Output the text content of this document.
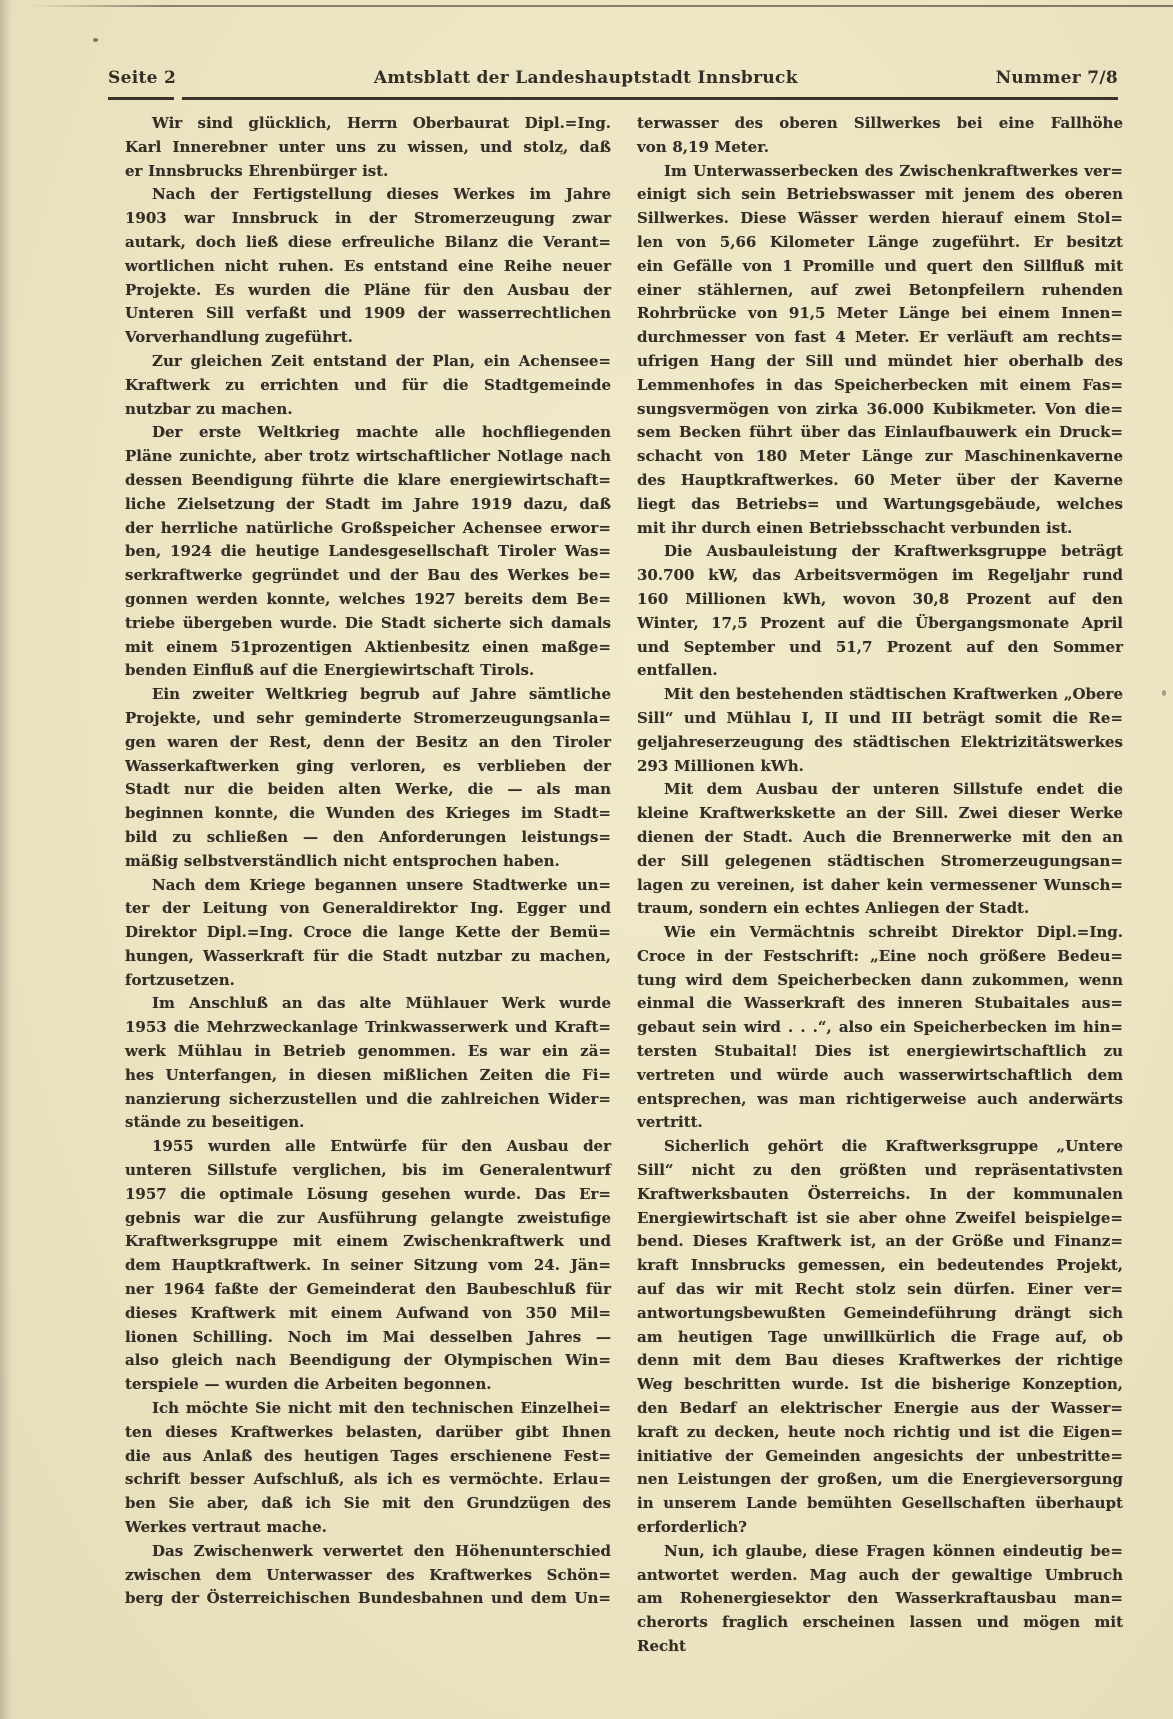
Seite 2	Amtsblatt der Landeshauptstadt Innsbruck	Nummer 7/8
Wir sind glücklich, Herrn Oberbaurat Dipl.=Ing.
Karl Innerebner unter uns zu wissen, und stolz, daß
er Innsbrucks Ehrenbürger ist.
Nach der Fertigstellung dieses Werkes im Jahre
1903 war Innsbruck in der Stromerzeugung zwar
autark, doch ließ diese erfreuliche Bilanz die Verant=
wortlichen nicht ruhen. Es entstand eine Reihe neuer
Projekte. Es wurden die Pläne für den Ausbau der
Unteren Sill verfaßt und 1909 der wasserrechtlichen
Vorverhandlung zugeführt.
Zur gleichen Zeit entstand der Plan, ein Achensee=
Kraftwerk zu errichten und für die Stadtgemeinde
nutzbar zu machen.
Der erste Weltkrieg machte alle hochfliegenden
Pläne zunichte, aber trotz wirtschaftlicher Notlage nach
dessen Beendigung führte die klare energiewirtschaft=
liche Zielsetzung der Stadt im Jahre 1919 dazu, daß
der herrliche natürliche Großspeicher Achensee erwor=
ben, 1924 die heutige Landesgesellschaft Tiroler Was=
serkraftwerke gegründet und der Bau des Werkes be=
gonnen werden konnte, welches 1927 bereits dem Be=
triebe übergeben wurde. Die Stadt sicherte sich damals
mit einem 51prozentigen Aktienbesitz einen maßge=
benden Einfluß auf die Energiewirtschaft Tirols.
Ein zweiter Weltkrieg begrub auf Jahre sämtliche
Projekte, und sehr geminderte Stromerzeugungsanla=
gen waren der Rest, denn der Besitz an den Tiroler
Wasserkaftwerken ging verloren, es verblieben der
Stadt nur die beiden alten Werke, die — als man
beginnen konnte, die Wunden des Krieges im Stadt=
bild zu schließen — den Anforderungen leistungs=
mäßig selbstverständlich nicht entsprochen haben.
Nach dem Kriege begannen unsere Stadtwerke un=
ter der Leitung von Generaldirektor Ing. Egger und
Direktor Dipl.=Ing. Croce die lange Kette der Bemü=
hungen, Wasserkraft für die Stadt nutzbar zu machen,
fortzusetzen.
Im Anschluß an das alte Mühlauer Werk wurde
1953 die Mehrzweckanlage Trinkwasserwerk und Kraft=
werk Mühlau in Betrieb genommen. Es war ein zä=
hes Unterfangen, in diesen mißlichen Zeiten die Fi=
nanzierung sicherzustellen und die zahlreichen Wider=
stände zu beseitigen.
1955 wurden alle Entwürfe für den Ausbau der
unteren Sillstufe verglichen, bis im Generalentwurf
1957 die optimale Lösung gesehen wurde. Das Er=
gebnis war die zur Ausführung gelangte zweistufige
Kraftwerksgruppe mit einem Zwischenkraftwerk und
dem Hauptkraftwerk. In seiner Sitzung vom 24. Jän=
ner 1964 faßte der Gemeinderat den Baubeschluß für
dieses Kraftwerk mit einem Aufwand von 350 Mil=
lionen Schilling. Noch im Mai desselben Jahres —
also gleich nach Beendigung der Olympischen Win=
terspiele — wurden die Arbeiten begonnen.
Ich möchte Sie nicht mit den technischen Einzelhei=
ten dieses Kraftwerkes belasten, darüber gibt Ihnen
die aus Anlaß des heutigen Tages erschienene Fest=
schrift besser Aufschluß, als ich es vermöchte. Erlau=
ben Sie aber, daß ich Sie mit den Grundzügen des
Werkes vertraut mache.
Das Zwischenwerk verwertet den Höhenunterschied
zwischen dem Unterwasser des Kraftwerkes Schön=
berg der Österreichischen Bundesbahnen und dem Un=
terwasser des oberen Sillwerkes bei eine Fallhöhe
von 8,19 Meter.
Im Unterwasserbecken des Zwischenkraftwerkes ver=
einigt sich sein Betriebswasser mit jenem des oberen
Sillwerkes. Diese Wässer werden hierauf einem Stol=
len von 5,66 Kilometer Länge zugeführt. Er besitzt
ein Gefälle von 1 Promille und quert den Sillfluß mit
einer stählernen, auf zwei Betonpfeilern ruhenden
Rohrbrücke von 91,5 Meter Länge bei einem Innen=
durchmesser von fast 4 Meter. Er verläuft am rechts=
ufrigen Hang der Sill und mündet hier oberhalb des
Lemmenhofes in das Speicherbecken mit einem Fas=
sungsvermögen von zirka 36.000 Kubikmeter. Von die=
sem Becken führt über das Einlaufbauwerk ein Druck=
schacht von 180 Meter Länge zur Maschinenkaverne
des Hauptkraftwerkes. 60 Meter über der Kaverne
liegt das Betriebs= und Wartungsgebäude, welches
mit ihr durch einen Betriebsschacht verbunden ist.
Die Ausbauleistung der Kraftwerksgruppe beträgt
30.700 kW, das Arbeitsvermögen im Regeljahr rund
160 Millionen kWh, wovon 30,8 Prozent auf den
Winter, 17,5 Prozent auf die Übergangsmonate April
und September und 51,7 Prozent auf den Sommer
entfallen.
Mit den bestehenden städtischen Kraftwerken „Obere
Sill“ und Mühlau I, II und III beträgt somit die Re=
geljahreserzeugung des städtischen Elektrizitätswerkes
293 Millionen kWh.
Mit dem Ausbau der unteren Sillstufe endet die
kleine Kraftwerkskette an der Sill. Zwei dieser Werke
dienen der Stadt. Auch die Brennerwerke mit den an
der Sill gelegenen städtischen Stromerzeugungsan=
lagen zu vereinen, ist daher kein vermessener Wunsch=
traum, sondern ein echtes Anliegen der Stadt.
Wie ein Vermächtnis schreibt Direktor Dipl.=Ing.
Croce in der Festschrift: „Eine noch größere Bedeu=
tung wird dem Speicherbecken dann zukommen, wenn
einmal die Wasserkraft des inneren Stubaitales aus=
gebaut sein wird . . .“, also ein Speicherbecken im hin=
tersten Stubaital! Dies ist energiewirtschaftlich zu
vertreten und würde auch wasserwirtschaftlich dem
entsprechen, was man richtigerweise auch anderwärts
vertritt.
Sicherlich gehört die Kraftwerksgruppe „Untere
Sill“ nicht zu den größten und repräsentativsten
Kraftwerksbauten Österreichs. In der kommunalen
Energiewirtschaft ist sie aber ohne Zweifel beispielge=
bend. Dieses Kraftwerk ist, an der Größe und Finanz=
kraft Innsbrucks gemessen, ein bedeutendes Projekt,
auf das wir mit Recht stolz sein dürfen. Einer ver=
antwortungsbewußten Gemeindeführung drängt sich
am heutigen Tage unwillkürlich die Frage auf, ob
denn mit dem Bau dieses Kraftwerkes der richtige
Weg beschritten wurde. Ist die bisherige Konzeption,
den Bedarf an elektrischer Energie aus der Wasser=
kraft zu decken, heute noch richtig und ist die Eigen=
initiative der Gemeinden angesichts der unbestritte=
nen Leistungen der großen, um die Energieversorgung
in unserem Lande bemühten Gesellschaften überhaupt
erforderlich?
Nun, ich glaube, diese Fragen können eindeutig be=
antwortet werden. Mag auch der gewaltige Umbruch
am Rohenergiesektor den Wasserkraftausbau man=
cherorts fraglich erscheinen lassen und mögen mit Recht
